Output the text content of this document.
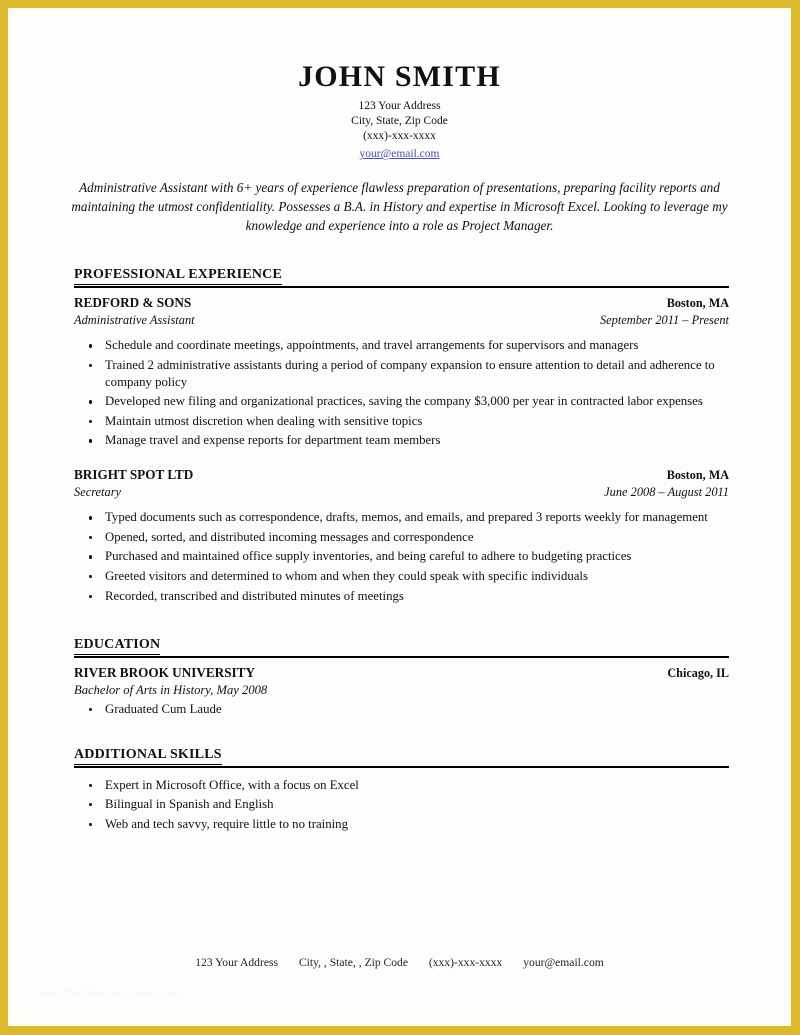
JOHN SMITH
123 Your Address
City, State, Zip Code
(xxx)-xxx-xxxx
your@email.com
Administrative Assistant with 6+ years of experience flawless preparation of presentations, preparing facility reports and maintaining the utmost confidentiality. Possesses a B.A. in History and expertise in Microsoft Excel. Looking to leverage my knowledge and experience into a role as Project Manager.
PROFESSIONAL EXPERIENCE
REDFORD & SONS	Boston, MA
Administrative Assistant	September 2011 – Present
Schedule and coordinate meetings, appointments, and travel arrangements for supervisors and managers
Trained 2 administrative assistants during a period of company expansion to ensure attention to detail and adherence to company policy
Developed new filing and organizational practices, saving the company $3,000 per year in contracted labor expenses
Maintain utmost discretion when dealing with sensitive topics
Manage travel and expense reports for department team members
BRIGHT SPOT LTD	Boston, MA
Secretary	June 2008 – August 2011
Typed documents such as correspondence, drafts, memos, and emails, and prepared 3 reports weekly for management
Opened, sorted, and distributed incoming messages and correspondence
Purchased and maintained office supply inventories, and being careful to adhere to budgeting practices
Greeted visitors and determined to whom and when they could speak with specific individuals
Recorded, transcribed and distributed minutes of meetings
EDUCATION
RIVER BROOK UNIVERSITY	Chicago, IL
Bachelor of Arts in History, May 2008
Graduated Cum Laude
ADDITIONAL SKILLS
Expert in Microsoft Office, with a focus on Excel
Bilingual in Spanish and English
Web and tech savvy, require little to no training
123 Your Address City, , State, , Zip Code (xxx)-xxx-xxxx your@email.com
www.thebalancecareers.com
